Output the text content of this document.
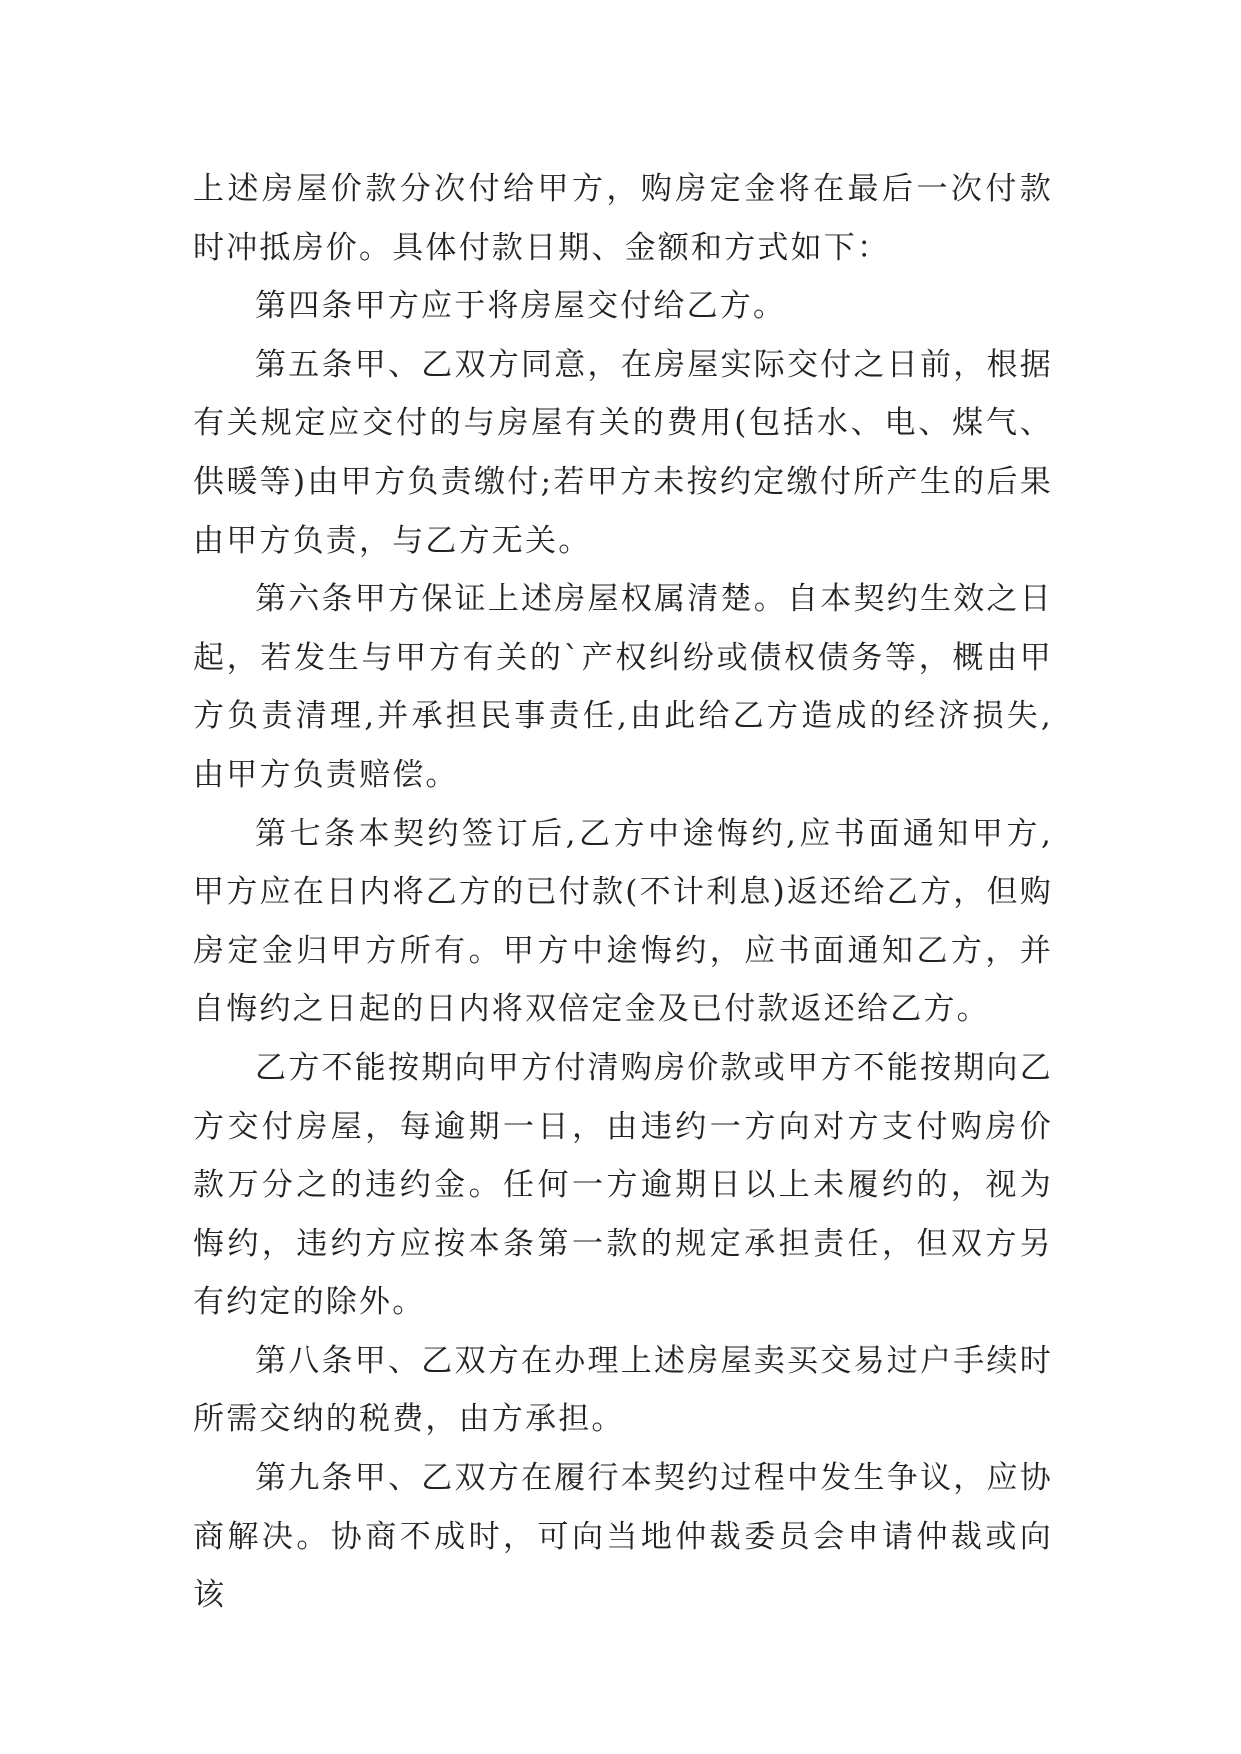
上述房屋价款分次付给甲方，购房定金将在最后一次付款时冲抵房价。具体付款日期、金额和方式如下：

第四条甲方应于将房屋交付给乙方。

第五条甲、乙双方同意，在房屋实际交付之日前，根据有关规定应交付的与房屋有关的费用(包括水、电、煤气、供暖等)由甲方负责缴付;若甲方未按约定缴付所产生的后果由甲方负责，与乙方无关。

第六条甲方保证上述房屋权属清楚。自本契约生效之日起，若发生与甲方有关的`产权纠纷或债权债务等，概由甲方负责清理,并承担民事责任,由此给乙方造成的经济损失,由甲方负责赔偿。

第七条本契约签订后,乙方中途悔约,应书面通知甲方,甲方应在日内将乙方的已付款(不计利息)返还给乙方，但购房定金归甲方所有。甲方中途悔约，应书面通知乙方，并自悔约之日起的日内将双倍定金及已付款返还给乙方。

乙方不能按期向甲方付清购房价款或甲方不能按期向乙方交付房屋，每逾期一日，由违约一方向对方支付购房价款万分之的违约金。任何一方逾期日以上未履约的，视为悔约，违约方应按本条第一款的规定承担责任，但双方另有约定的除外。

第八条甲、乙双方在办理上述房屋卖买交易过户手续时所需交纳的税费，由方承担。

第九条甲、乙双方在履行本契约过程中发生争议，应协商解决。协商不成时，可向当地仲裁委员会申请仲裁或向该
